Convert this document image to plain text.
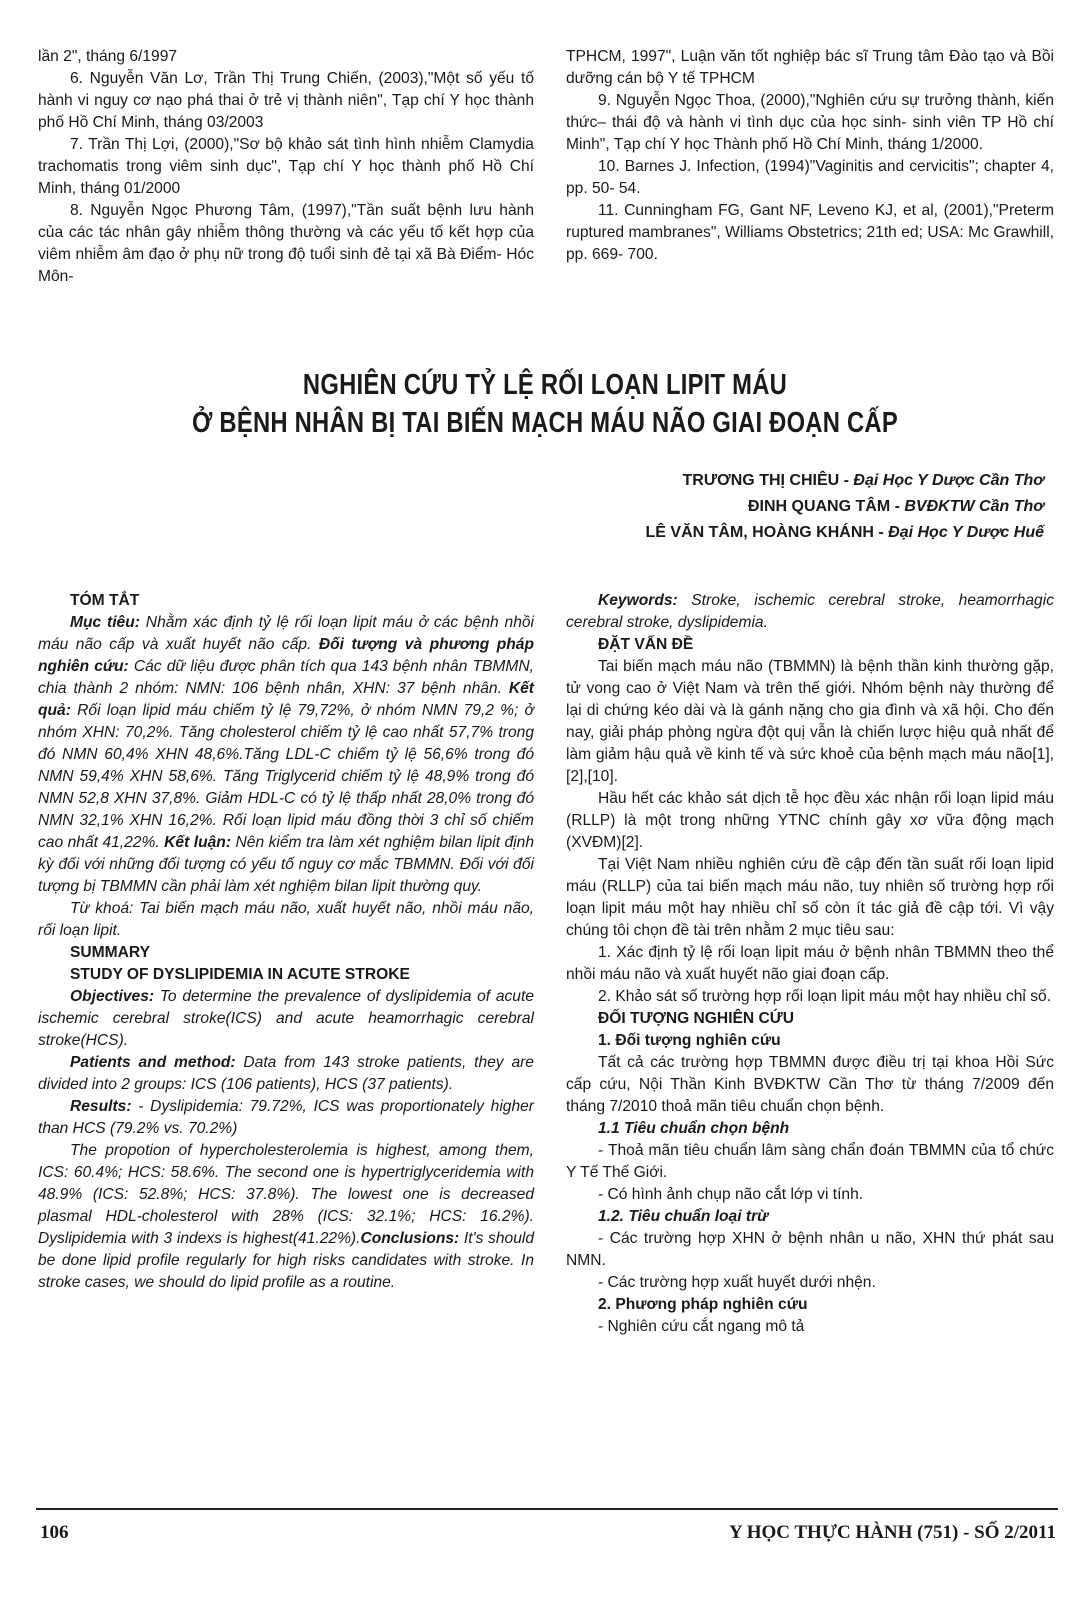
lần 2", tháng 6/1997

6. Nguyễn Văn Lơ, Trần Thị Trung Chiến, (2003),"Một số yếu tố hành vi nguy cơ nạo phá thai ở trẻ vị thành niên", Tạp chí Y học thành phố Hồ Chí Minh, tháng 03/2003

7. Trần Thị Lợi, (2000),"Sơ bộ khảo sát tình hình nhiễm Clamydia trachomatis trong viêm sinh dục", Tạp chí Y học thành phố Hồ Chí Minh, tháng 01/2000

8. Nguyễn Ngọc Phương Tâm, (1997),"Tần suất bệnh lưu hành của các tác nhân gây nhiễm thông thường và các yếu tố kết hợp của viêm nhiễm âm đạo ở phụ nữ trong độ tuổi sinh đẻ tại xã Bà Điểm- Hóc Môn-

TPHCM, 1997", Luận văn tốt nghiệp bác sĩ Trung tâm Đào tạo và Bồi dưỡng cán bộ Y tế TPHCM

9. Nguyễn Ngọc Thoa, (2000),"Nghiên cứu sự trưởng thành, kiến thức– thái độ và hành vi tình dục của học sinh- sinh viên TP Hồ chí Minh", Tạp chí Y học Thành phố Hồ Chí Minh, tháng 1/2000.

10. Barnes J. Infection, (1994)"Vaginitis and cervicitis"; chapter 4, pp. 50- 54.

11. Cunningham FG, Gant NF, Leveno KJ, et al, (2001),"Preterm ruptured mambranes", Williams Obstetrics; 21th ed; USA: Mc Grawhill, pp. 669- 700.

NGHIÊN CỨU TỶ LỆ RỐI LOẠN LIPIT MÁU
Ở BỆNH NHÂN BỊ TAI BIẾN MẠCH MÁU NÃO GIAI ĐOẠN CẤP
TRƯƠNG THỊ CHIÊU - Đại Học Y Dược Cần Thơ
ĐINH QUANG TÂM - BVĐKTW Cần Thơ
LÊ VĂN TÂM, HOÀNG KHÁNH - Đại Học Y Dược Huế

TÓM TẮT

Mục tiêu: Nhằm xác định tỷ lệ rối loạn lipit máu ở các bệnh nhồi máu não cấp và xuất huyết não cấp. Đối tượng và phương pháp nghiên cứu: Các dữ liệu được phân tích qua 143 bệnh nhân TBMMN, chia thành 2 nhóm: NMN: 106 bệnh nhân, XHN: 37 bệnh nhân. Kết quả: Rối loạn lipid máu chiếm tỷ lệ 79,72%, ở nhóm NMN 79,2 %; ở nhóm XHN: 70,2%. Tăng cholesterol chiếm tỷ lệ cao nhất 57,7% trong đó NMN 60,4% XHN 48,6%.Tăng LDL-C chiếm tỷ lệ 56,6% trong đó NMN 59,4% XHN 58,6%. Tăng Triglycerid chiếm tỷ lệ 48,9% trong đó NMN 52,8 XHN 37,8%. Giảm HDL-C có tỷ lệ thấp nhất 28,0% trong đó NMN 32,1% XHN 16,2%. Rối loạn lipid máu đồng thời 3 chỉ số chiếm cao nhất 41,22%. Kết luận: Nên kiểm tra làm xét nghiệm bilan lipit định kỳ đối với những đối tượng có yếu tố nguy cơ mắc TBMMN. Đối với đối tượng bị TBMMN cần phải làm xét nghiệm bilan lipit thường quy.

Từ khoá: Tai biến mạch máu não, xuất huyết não, nhồi máu não, rối loạn lipit.

SUMMARY

STUDY OF DYSLIPIDEMIA IN ACUTE STROKE

Objectives: To determine the prevalence of dyslipidemia of acute ischemic cerebral stroke(ICS) and acute heamorrhagic cerebral stroke(HCS).

Patients and method: Data from 143 stroke patients, they are divided into 2 groups: ICS (106 patients), HCS (37 patients).

Results: - Dyslipidemia: 79.72%, ICS was proportionately higher than HCS (79.2% vs. 70.2%)

The propotion of hypercholesterolemia is highest, among them, ICS: 60.4%; HCS: 58.6%. The second one is hypertriglyceridemia with 48.9% (ICS: 52.8%; HCS: 37.8%). The lowest one is decreased plasmal HDL-cholesterol with 28% (ICS: 32.1%; HCS: 16.2%). Dyslipidemia with 3 indexs is highest(41.22%).Conclusions: It's should be done lipid profile regularly for high risks candidates with stroke. In stroke cases, we should do lipid profile as a routine.

Keywords: Stroke, ischemic cerebral stroke, heamorrhagic cerebral stroke, dyslipidemia.

ĐẶT VẤN ĐỀ

Tai biến mạch máu não (TBMMN) là bệnh thần kinh thường gặp, tử vong cao ở Việt Nam và trên thế giới. Nhóm bệnh này thường để lại di chứng kéo dài và là gánh nặng cho gia đình và xã hội. Cho đến nay, giải pháp phòng ngừa đột quị vẫn là chiến lược hiệu quả nhất để làm giảm hậu quả về kinh tế và sức khoẻ của bệnh mạch máu não[1],[2],[10].

Hầu hết các khảo sát dịch tễ học đều xác nhận rối loạn lipid máu (RLLP) là một trong những YTNC chính gây xơ vữa động mạch (XVĐM)[2].

Tại Việt Nam nhiều nghiên cứu đề cập đến tần suất rối loạn lipid máu (RLLP) của tai biến mạch máu não, tuy nhiên số trường hợp rối loạn lipit máu một hay nhiều chỉ số còn ít tác giả đề cập tới. Vì vậy chúng tôi chọn đề tài trên nhằm 2 mục tiêu sau:

1. Xác định tỷ lệ rối loạn lipit máu ở bệnh nhân TBMMN theo thể nhồi máu não và xuất huyết não giai đoạn cấp.

2. Khảo sát số trường hợp rối loạn lipit máu một hay nhiều chỉ số.

ĐỐI TƯỢNG NGHIÊN CỨU

1. Đối tượng nghiên cứu

Tất cả các trường hợp TBMMN được điều trị tại khoa Hồi Sức cấp cứu, Nội Thần Kinh BVĐKTW Cần Thơ từ tháng 7/2009 đến tháng 7/2010 thoả mãn tiêu chuẩn chọn bệnh.

1.1 Tiêu chuẩn chọn bệnh

- Thoả mãn tiêu chuẩn lâm sàng chẩn đoán TBMMN của tổ chức Y Tế Thế Giới.

- Có hình ảnh chụp não cắt lớp vi tính.

1.2. Tiêu chuẩn loại trừ

- Các trường hợp XHN ở bệnh nhân u não, XHN thứ phát sau NMN.

- Các trường hợp xuất huyết dưới nhện.

2. Phương pháp nghiên cứu

- Nghiên cứu cắt ngang mô tả

106	Y HỌC THỰC HÀNH (751) - SỐ 2/2011
